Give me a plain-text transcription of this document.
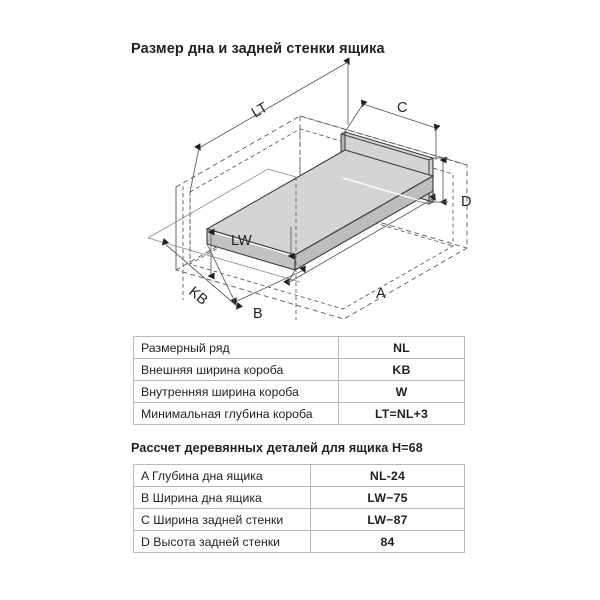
Размер дна и задней стенки ящика
LT	C
D
A
B
KB
LW
Размерный ряд	NL
Внешняя ширина короба	KB
Внутренняя ширина короба	W
Минимальная глубина короба	LT=NL+3
Рассчет деревянных деталей для ящика H=68
A Глубина дна ящика	NL-24
B Ширина дна ящика	LW−75
C Ширина задней стенки	LW−87
D Высота задней стенки	84
